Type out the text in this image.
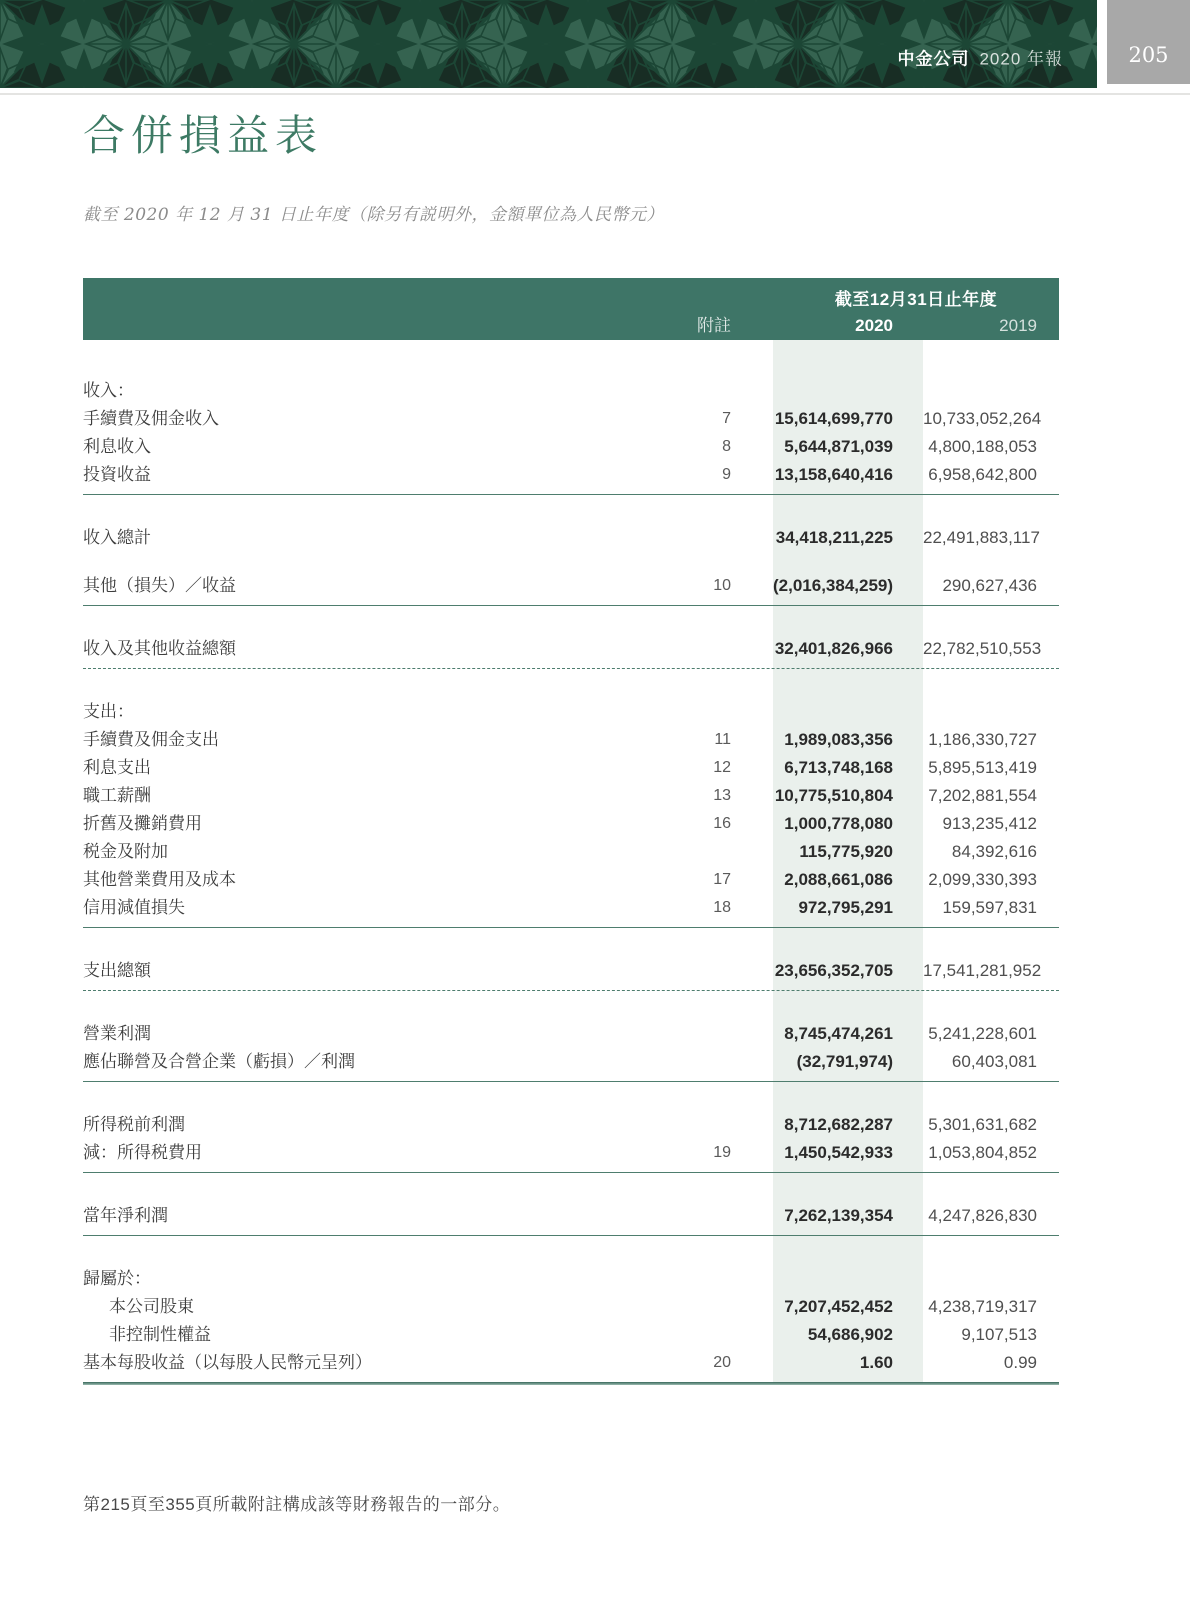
中金公司 2020 年報	205
合併損益表
截至 2020 年 12 月 31 日止年度（除另有説明外，金額單位為人民幣元）
截至12月31日止年度
附註	2020	2019
收入：
手續費及佣金收入	7	15,614,699,770	10,733,052,264
利息收入	8	5,644,871,039	4,800,188,053
投資收益	9	13,158,640,416	6,958,642,800
收入總計	34,418,211,225	22,491,883,117
其他（損失）／收益	10 (2,016,384,259)	290,627,436
收入及其他收益總額	32,401,826,966	22,782,510,553
支出：
手續費及佣金支出	11	1,989,083,356	1,186,330,727
利息支出	12	6,713,748,168	5,895,513,419
職工薪酬	13	10,775,510,804	7,202,881,554
折舊及攤銷費用	16	1,000,778,080	913,235,412
税金及附加	115,775,920	84,392,616
其他營業費用及成本	17	2,088,661,086	2,099,330,393
信用減值損失	18	972,795,291	159,597,831
支出總額	23,656,352,705	17,541,281,952
營業利潤	8,745,474,261	5,241,228,601
應佔聯營及合營企業（虧損）／利潤	(32,791,974)	60,403,081
所得税前利潤	8,712,682,287	5,301,631,682
減：所得税費用	19	1,450,542,933	1,053,804,852
當年淨利潤	7,262,139,354	4,247,826,830
歸屬於：
本公司股東	7,207,452,452	4,238,719,317
非控制性權益	54,686,902	9,107,513
基本每股收益（以每股人民幣元呈列）	20	1.60	0.99
第215頁至355頁所載附註構成該等財務報告的一部分。
